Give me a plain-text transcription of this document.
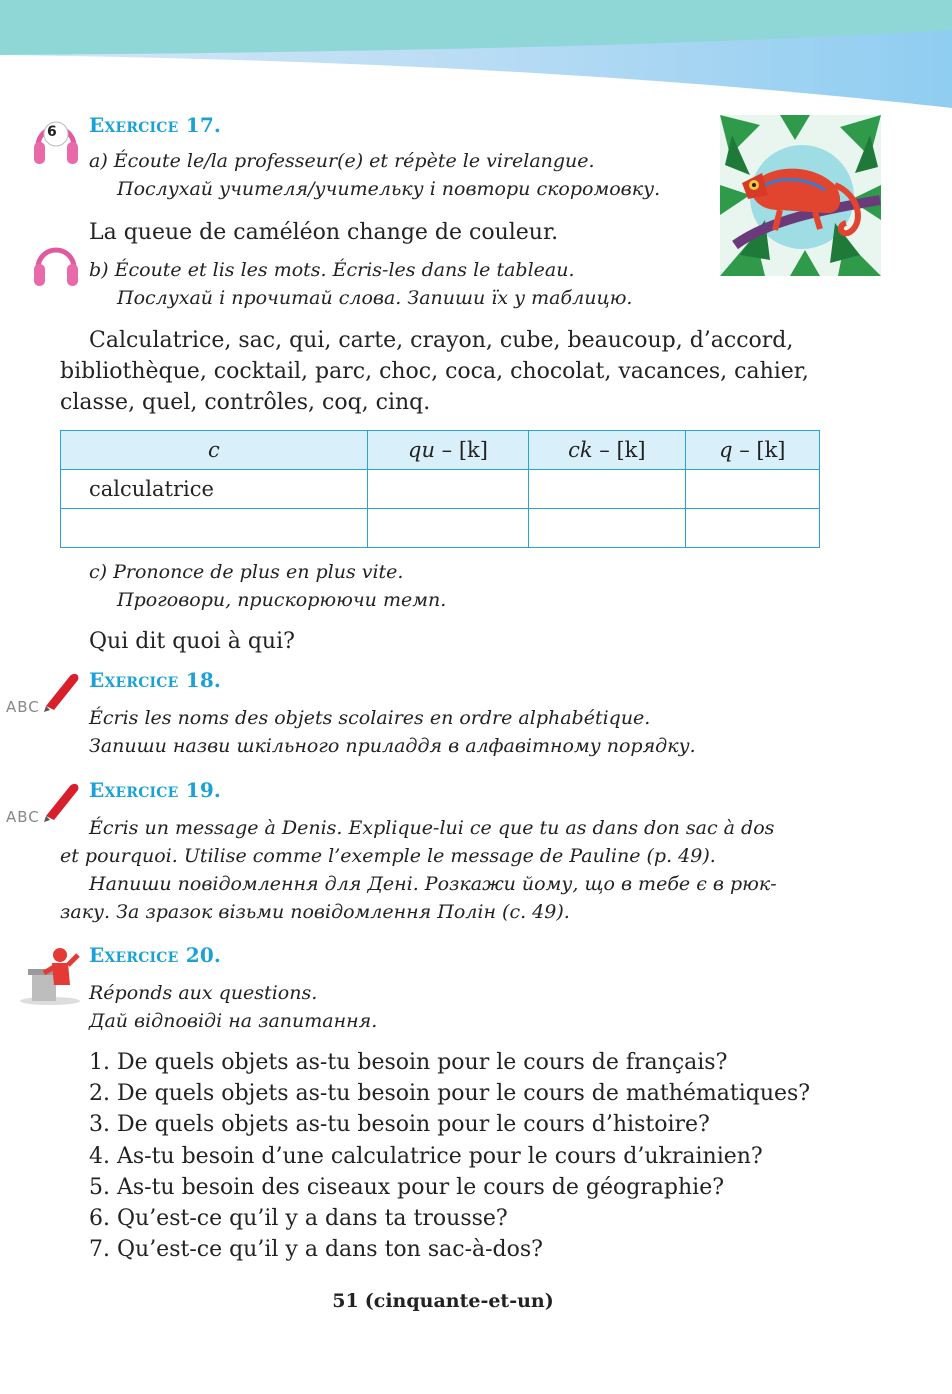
6 Exercice 17.
a) Écoute le/la professeur(e) et répète le virelangue.
Послухай учителя/учительку і повтори скоромовку.
La queue de caméléon change de couleur.
b) Écoute et lis les mots. Écris-les dans le tableau.
Послухай і прочитай слова. Запиши їх у таблицю.
Calculatrice, sac, qui, carte, crayon, cube, beaucoup, d’accord,
bibliothèque, cocktail, parc, choc, coca, chocolat, vacances, cahier,
classe, quel, contrôles, coq, cinq.
c	qu – [k]	ck – [k]	q – [k]
calculatrice			

c) Prononce de plus en plus vite.
Проговори, прискорюючи темп.
Qui dit quoi à qui?
ABC
Exercice 18.
Écris les noms des objets scolaires en ordre alphabétique.
Запиши назви шкільного приладдя в алфавітному порядку.
ABC
Exercice 19.
Écris un message à Denis. Explique-lui ce que tu as dans don sac à dos
et pourquoi. Utilise comme l’exemple le message de Pauline (p. 49).
Напиши повідомлення для Дені. Розкажи йому, що в тебе є в рюк-
заку. За зразок візьми повідомлення Полін (с. 49).
Exercice 20.
Réponds aux questions.
Дай відповіді на запитання.
1. De quels objets as-tu besoin pour le cours de français?
2. De quels objets as-tu besoin pour le cours de mathématiques?
3. De quels objets as-tu besoin pour le cours d’histoire?
4. As-tu besoin d’une calculatrice pour le cours d’ukrainien?
5. As-tu besoin des ciseaux pour le cours de géographie?
6. Qu’est-ce qu’il y a dans ta trousse?
7. Qu’est-ce qu’il y a dans ton sac-à-dos?
51 (cinquante-et-un)
